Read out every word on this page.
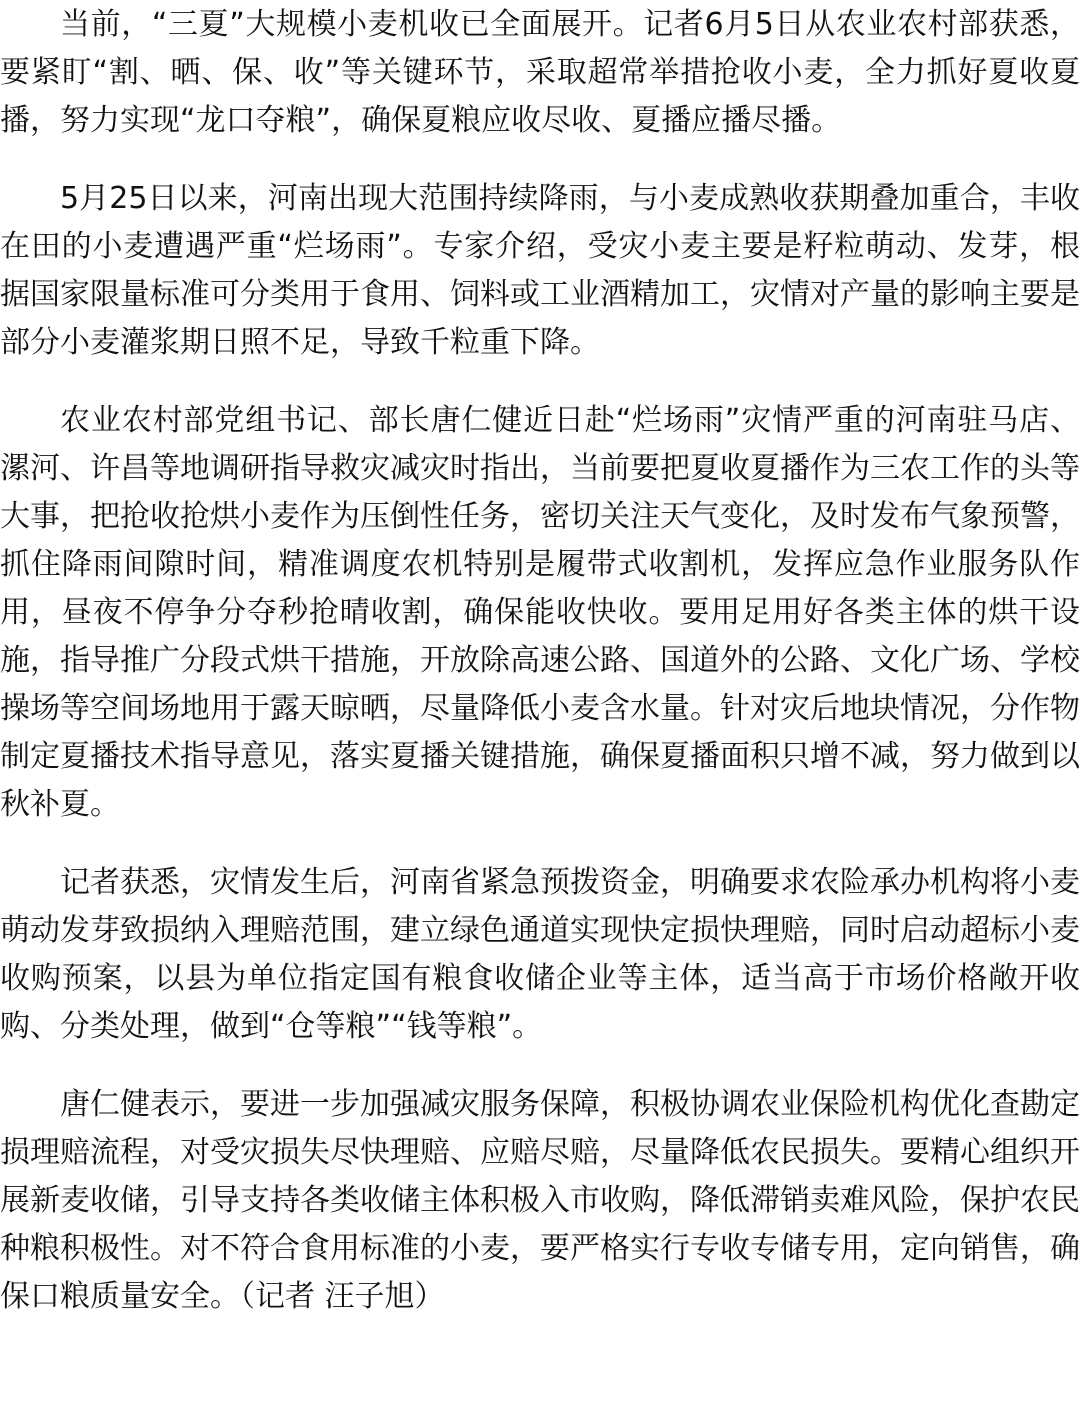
当前，“三夏”大规模小麦机收已全面展开。记者6月5日从农业农村部获悉，要紧盯“割、晒、保、收”等关键环节，采取超常举措抢收小麦，全力抓好夏收夏播，努力实现“龙口夺粮”，确保夏粮应收尽收、夏播应播尽播。

5月25日以来，河南出现大范围持续降雨，与小麦成熟收获期叠加重合，丰收在田的小麦遭遇严重“烂场雨”。专家介绍，受灾小麦主要是籽粒萌动、发芽，根据国家限量标准可分类用于食用、饲料或工业酒精加工，灾情对产量的影响主要是部分小麦灌浆期日照不足，导致千粒重下降。

农业农村部党组书记、部长唐仁健近日赴“烂场雨”灾情严重的河南驻马店、漯河、许昌等地调研指导救灾减灾时指出，当前要把夏收夏播作为三农工作的头等大事，把抢收抢烘小麦作为压倒性任务，密切关注天气变化，及时发布气象预警，抓住降雨间隙时间，精准调度农机特别是履带式收割机，发挥应急作业服务队作用，昼夜不停争分夺秒抢晴收割，确保能收快收。要用足用好各类主体的烘干设施，指导推广分段式烘干措施，开放除高速公路、国道外的公路、文化广场、学校操场等空间场地用于露天晾晒，尽量降低小麦含水量。针对灾后地块情况，分作物制定夏播技术指导意见，落实夏播关键措施，确保夏播面积只增不减，努力做到以秋补夏。

记者获悉，灾情发生后，河南省紧急预拨资金，明确要求农险承办机构将小麦萌动发芽致损纳入理赔范围，建立绿色通道实现快定损快理赔，同时启动超标小麦收购预案，以县为单位指定国有粮食收储企业等主体，适当高于市场价格敞开收购、分类处理，做到“仓等粮”“钱等粮”。

唐仁健表示，要进一步加强减灾服务保障，积极协调农业保险机构优化查勘定损理赔流程，对受灾损失尽快理赔、应赔尽赔，尽量降低农民损失。要精心组织开展新麦收储，引导支持各类收储主体积极入市收购，降低滞销卖难风险，保护农民种粮积极性。对不符合食用标准的小麦，要严格实行专收专储专用，定向销售，确保口粮质量安全。（记者 汪子旭）
